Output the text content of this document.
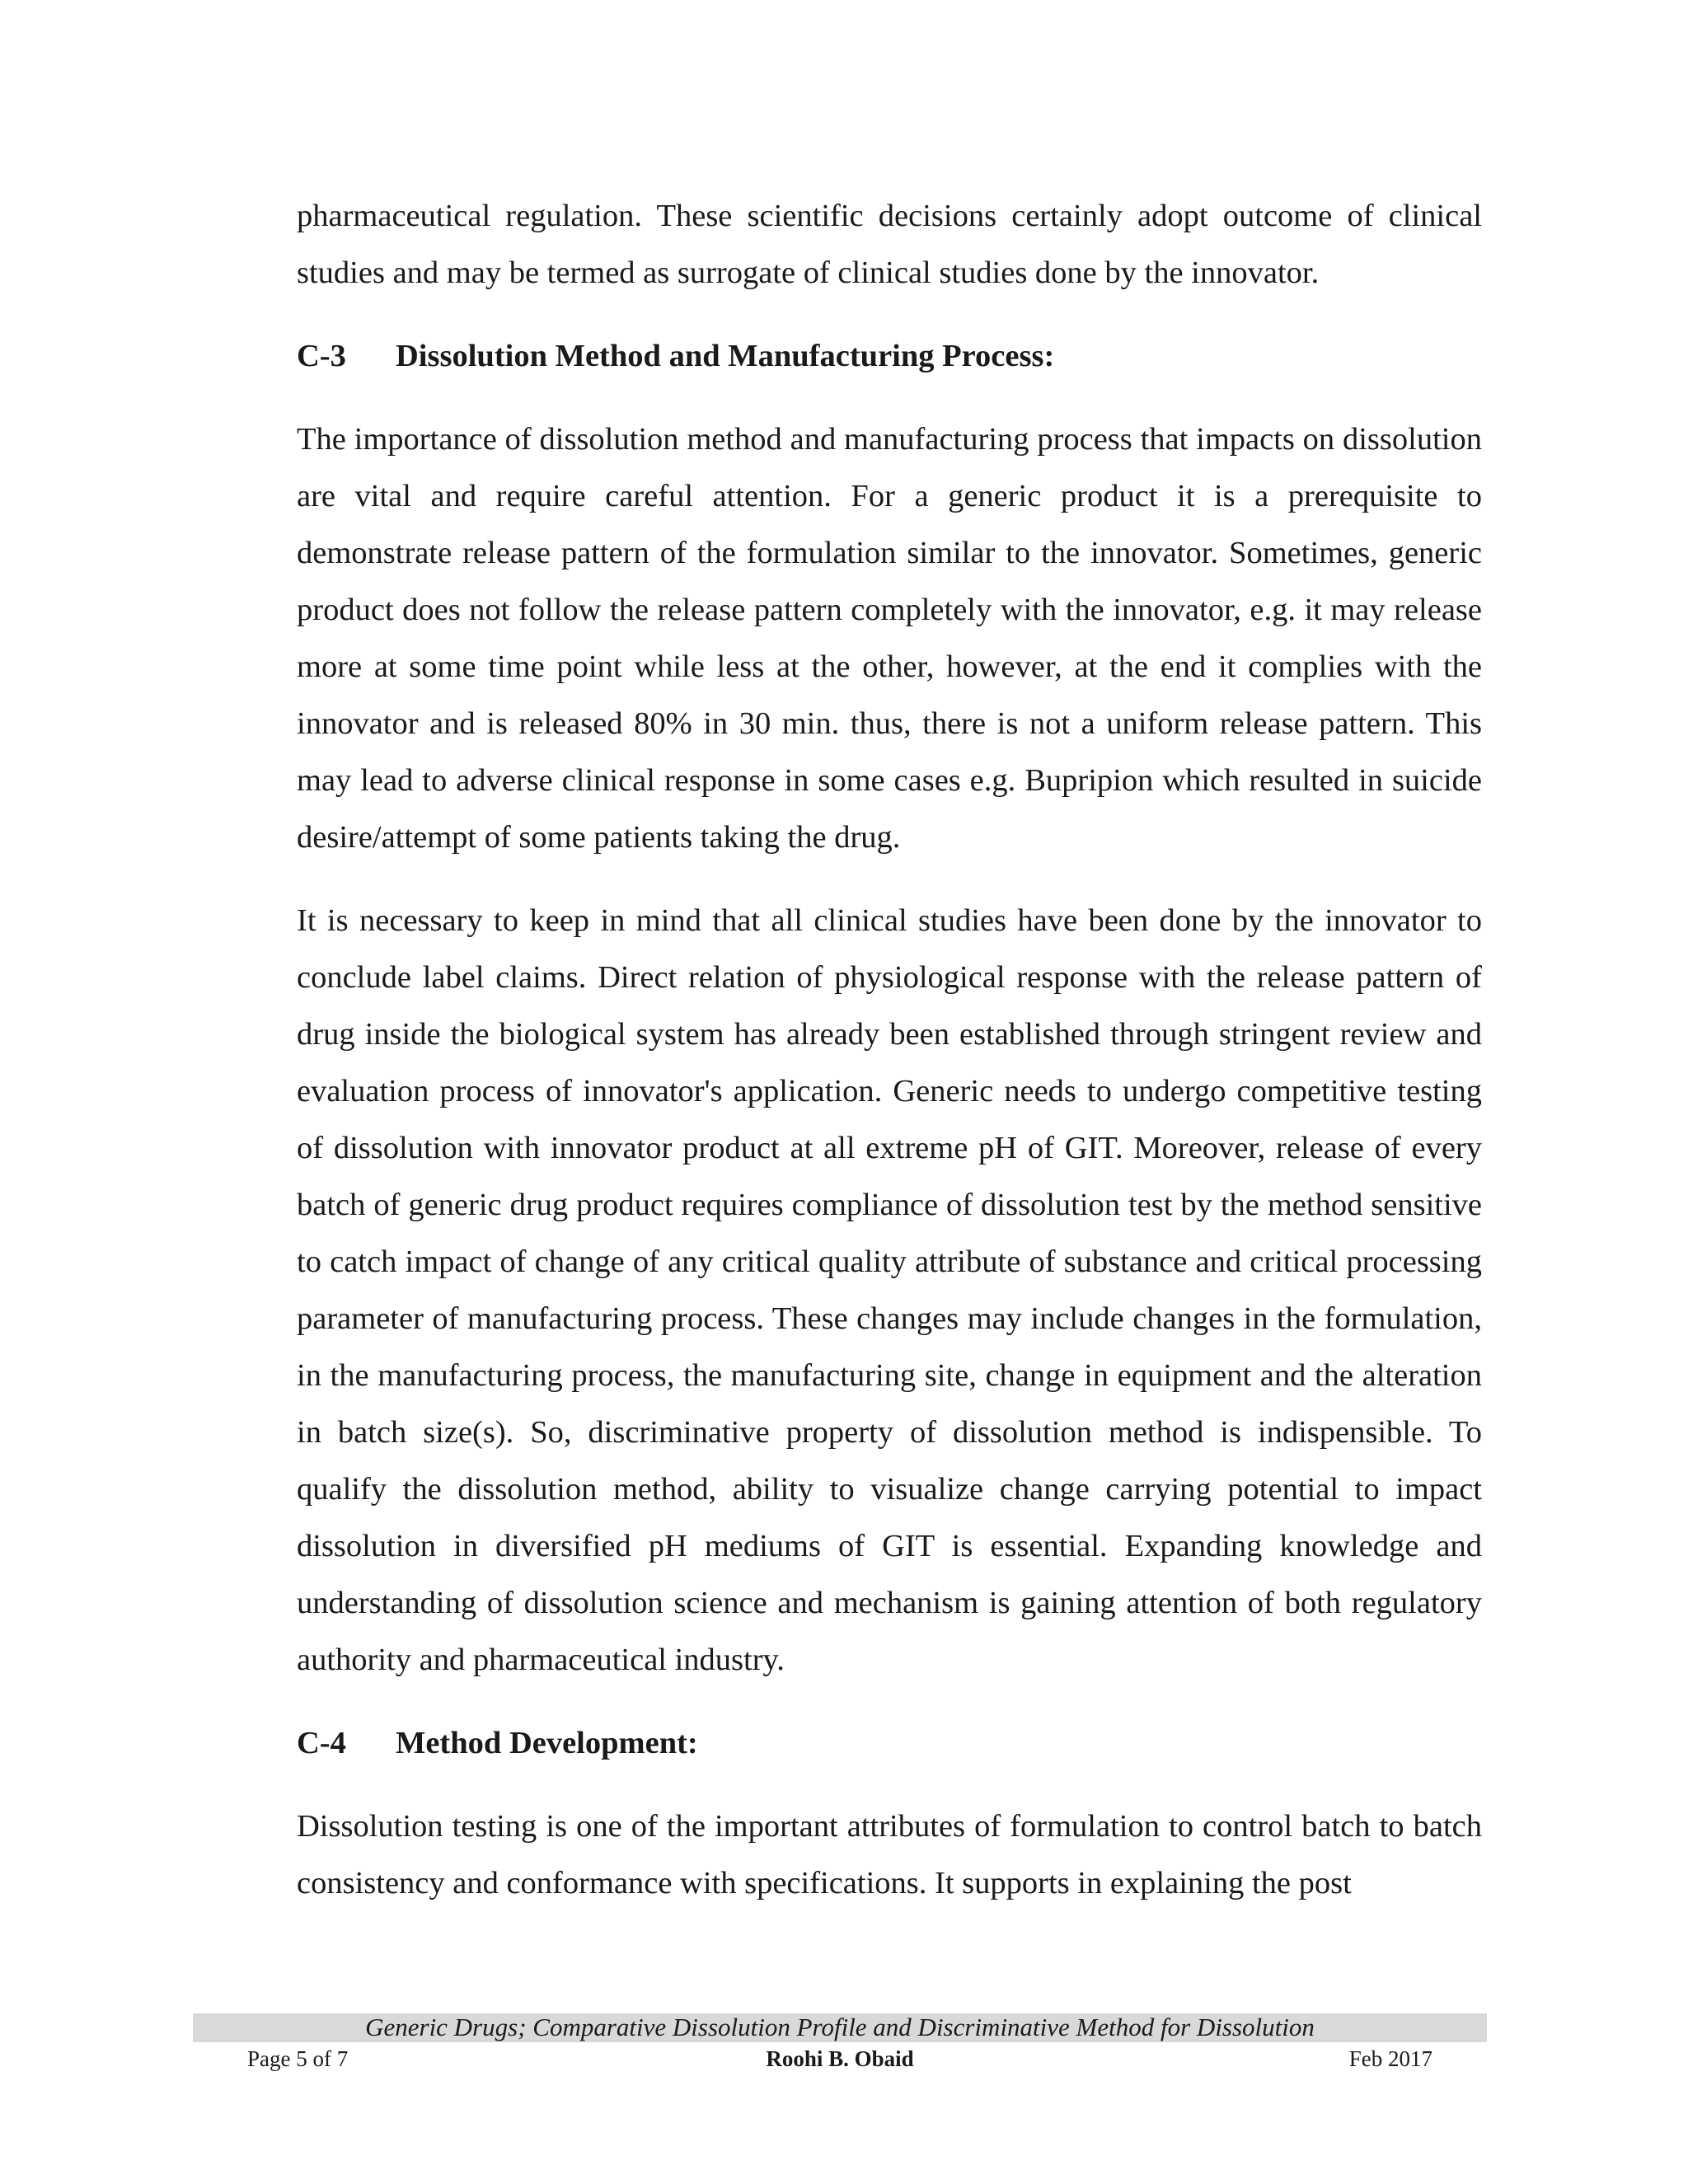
pharmaceutical regulation. These scientific decisions certainly adopt outcome of clinical studies and may be termed as surrogate of clinical studies done by the innovator.

C-3	Dissolution Method and Manufacturing Process:

The importance of dissolution method and manufacturing process that impacts on dissolution are vital and require careful attention. For a generic product it is a prerequisite to demonstrate release pattern of the formulation similar to the innovator. Sometimes, generic product does not follow the release pattern completely with the innovator, e.g. it may release more at some time point while less at the other, however, at the end it complies with the innovator and is released 80% in 30 min. thus, there is not a uniform release pattern. This may lead to adverse clinical response in some cases e.g. Bupripion which resulted in suicide desire/attempt of some patients taking the drug.

It is necessary to keep in mind that all clinical studies have been done by the innovator to conclude label claims. Direct relation of physiological response with the release pattern of drug inside the biological system has already been established through stringent review and evaluation process of innovator's application. Generic needs to undergo competitive testing of dissolution with innovator product at all extreme pH of GIT. Moreover, release of every batch of generic drug product requires compliance of dissolution test by the method sensitive to catch impact of change of any critical quality attribute of substance and critical processing parameter of manufacturing process. These changes may include changes in the formulation, in the manufacturing process, the manufacturing site, change in equipment and the alteration in batch size(s). So, discriminative property of dissolution method is indispensible. To qualify the dissolution method, ability to visualize change carrying potential to impact dissolution in diversified pH mediums of GIT is essential. Expanding knowledge and understanding of dissolution science and mechanism is gaining attention of both regulatory authority and pharmaceutical industry.

C-4	Method Development:

Dissolution testing is one of the important attributes of formulation to control batch to batch consistency and conformance with specifications. It supports in explaining the post

Generic Drugs; Comparative Dissolution Profile and Discriminative Method for Dissolution
Page 5 of 7	Roohi B. Obaid	Feb 2017
